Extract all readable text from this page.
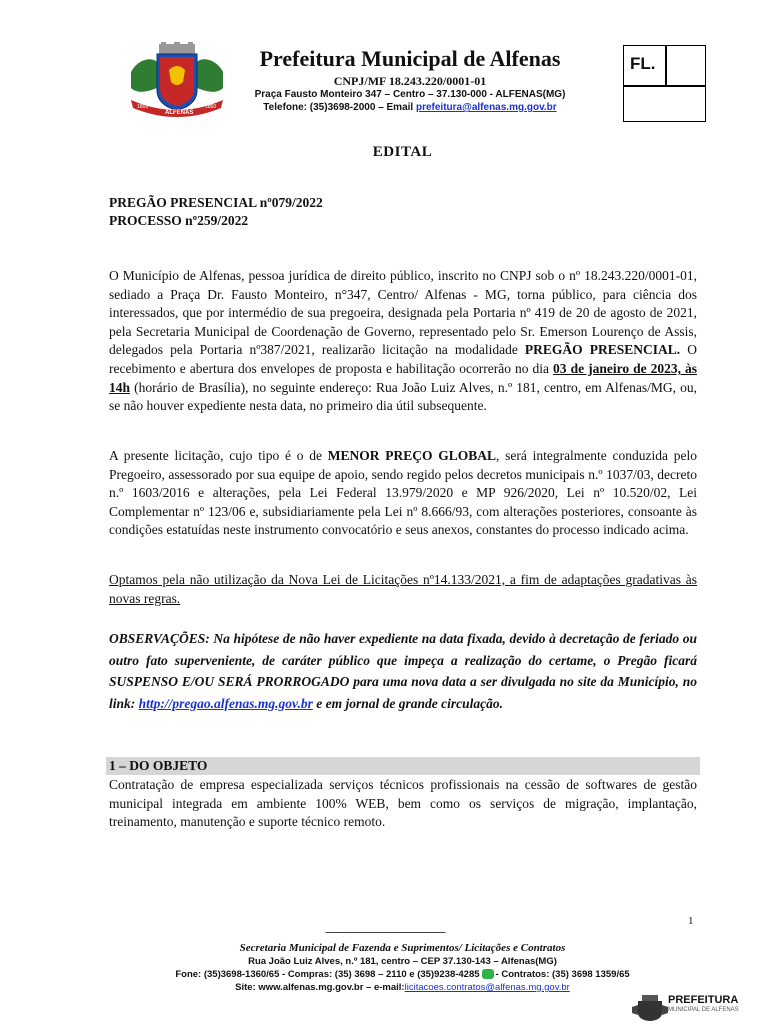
1869
ALFENAS
1860
Prefeitura Municipal de Alfenas
CNPJ/MF 18.243.220/0001-01
Praça Fausto Monteiro 347 – Centro – 37.130-000 - ALFENAS(MG)
Telefone: (35)3698-2000 – Email prefeitura@alfenas.mg.gov.br
FL.
EDITAL
PREGÃO PRESENCIAL nº079/2022
PROCESSO nº259/2022

O Município de Alfenas, pessoa jurídica de direito público, inscrito no CNPJ sob o nº 18.243.220/0001-01, sediado a Praça Dr. Fausto Monteiro, n°347, Centro/ Alfenas - MG, torna público, para ciência dos interessados, que por intermédio de sua pregoeira, designada pela Portaria nº 419 de 20 de agosto de 2021, pela Secretaria Municipal de Coordenação de Governo, representado pelo Sr. Emerson Lourenço de Assis, delegados pela Portaria nº387/2021, realizarão licitação na modalidade PREGÃO PRESENCIAL. O recebimento e abertura dos envelopes de proposta e habilitação ocorrerão no dia 03 de janeiro de 2023, às 14h (horário de Brasília), no seguinte endereço: Rua João Luiz Alves, n.º 181, centro, em Alfenas/MG, ou, se não houver expediente nesta data, no primeiro dia útil subsequente.

A presente licitação, cujo tipo é o de MENOR PREÇO GLOBAL, será integralmente conduzida pelo Pregoeiro, assessorado por sua equipe de apoio, sendo regido pelos decretos municipais n.º 1037/03, decreto n.º 1603/2016 e alterações, pela Lei Federal 13.979/2020 e MP 926/2020, Lei nº 10.520/02, Lei Complementar nº 123/06 e, subsidiariamente pela Lei nº 8.666/93, com alterações posteriores, consoante às condições estatuídas neste instrumento convocatório e seus anexos, constantes do processo indicado acima.

Optamos pela não utilização da Nova Lei de Licitações nº14.133/2021, a fim de adaptações gradativas às novas regras.

OBSERVAÇÕES: Na hipótese de não haver expediente na data fixada, devido à decretação de feriado ou outro fato superveniente, de caráter público que impeça a realização do certame, o Pregão ficará SUSPENSO E/OU SERÁ PRORROGADO para uma nova data a ser divulgada no site da Município, no link: http://pregao.alfenas.mg.gov.br e em jornal de grande circulação.

1 – DO OBJETO

Contratação de empresa especializada serviços técnicos profissionais na cessão de softwares de gestão municipal integrada em ambiente 100% WEB, bem como os serviços de migração, implantação, treinamento, manutenção e suporte técnico remoto.

1
---------------------------------------------
Secretaria Municipal de Fazenda e Suprimentos/ Licitações e Contratos
Rua João Luiz Alves, n.º 181, centro – CEP 37.130-143 – Alfenas(MG)
Fone: (35)3698-1360/65 - Compras: (35) 3698 – 2110 e (35)9238-4285 - Contratos: (35) 3698 1359/65
Site: www.alfenas.mg.gov.br – e-mail:licitacoes.contratos@alfenas.mg.gov.br
PREFEITURA
MUNICIPAL DE ALFENAS
